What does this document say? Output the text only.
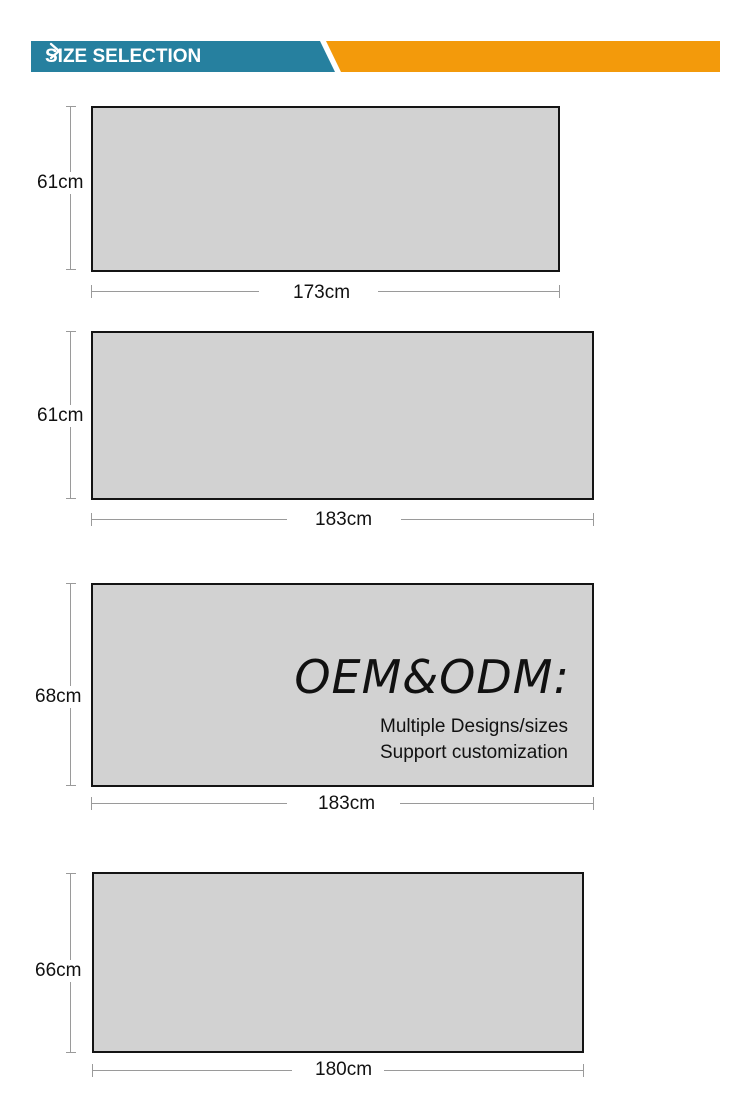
SIZE SELECTION
61cm
173cm
61cm
183cm
68cm	OEM&ODM:
Multiple Designs/sizes
Support customization
183cm
66cm
180cm
